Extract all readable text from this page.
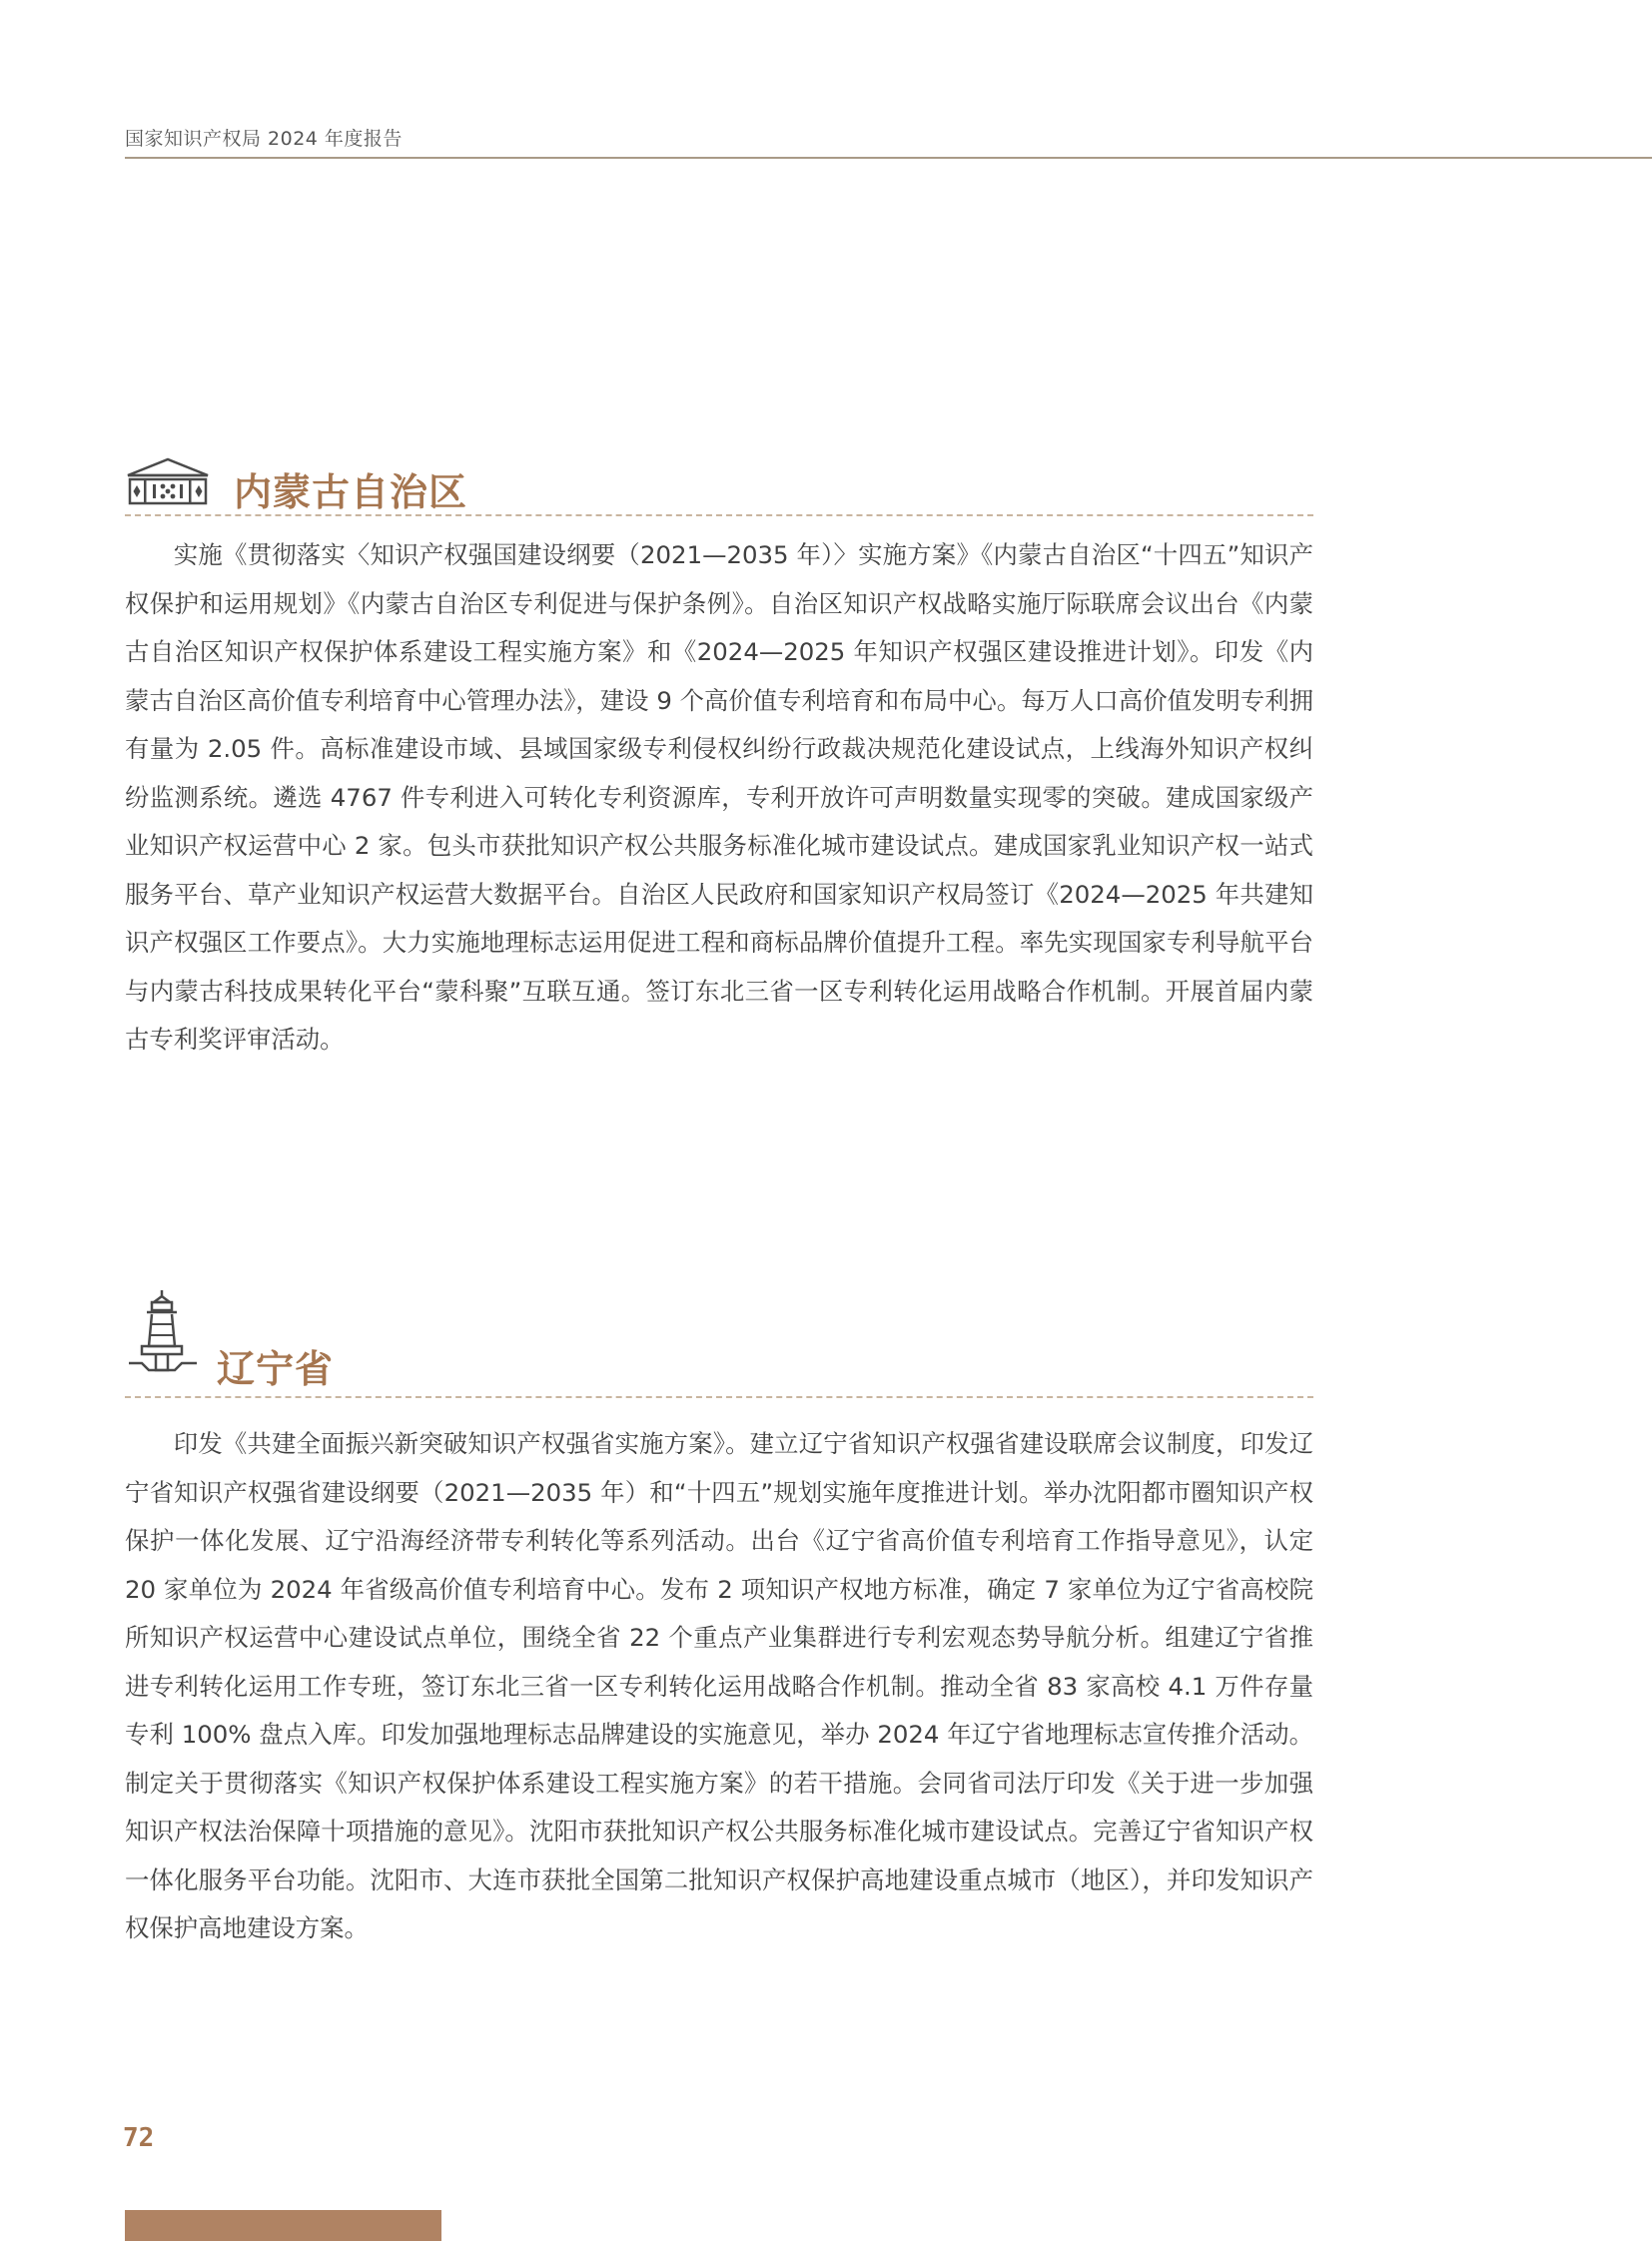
国家知识产权局 2024 年度报告
内蒙古自治区
实施《贯彻落实〈知识产权强国建设纲要（2021—2035 年）〉实施方案》《内蒙古自治区“十四五”知识产权保护和运用规划》《内蒙古自治区专利促进与保护条例》。自治区知识产权战略实施厅际联席会议出台《内蒙古自治区知识产权保护体系建设工程实施方案》和《2024—2025 年知识产权强区建设推进计划》。印发《内蒙古自治区高价值专利培育中心管理办法》，建设 9 个高价值专利培育和布局中心。每万人口高价值发明专利拥有量为 2.05 件。高标准建设市域、县域国家级专利侵权纠纷行政裁决规范化建设试点，上线海外知识产权纠纷监测系统。遴选 4767 件专利进入可转化专利资源库，专利开放许可声明数量实现零的突破。建成国家级产业知识产权运营中心 2 家。包头市获批知识产权公共服务标准化城市建设试点。建成国家乳业知识产权一站式服务平台、草产业知识产权运营大数据平台。自治区人民政府和国家知识产权局签订《2024—2025 年共建知识产权强区工作要点》。大力实施地理标志运用促进工程和商标品牌价值提升工程。率先实现国家专利导航平台与内蒙古科技成果转化平台“蒙科聚”互联互通。签订东北三省一区专利转化运用战略合作机制。开展首届内蒙古专利奖评审活动。
辽宁省
印发《共建全面振兴新突破知识产权强省实施方案》。建立辽宁省知识产权强省建设联席会议制度，印发辽宁省知识产权强省建设纲要（2021—2035 年）和“十四五”规划实施年度推进计划。举办沈阳都市圈知识产权保护一体化发展、辽宁沿海经济带专利转化等系列活动。出台《辽宁省高价值专利培育工作指导意见》，认定 20 家单位为 2024 年省级高价值专利培育中心。发布 2 项知识产权地方标准，确定 7 家单位为辽宁省高校院所知识产权运营中心建设试点单位，围绕全省 22 个重点产业集群进行专利宏观态势导航分析。组建辽宁省推进专利转化运用工作专班，签订东北三省一区专利转化运用战略合作机制。推动全省 83 家高校 4.1 万件存量专利 100% 盘点入库。印发加强地理标志品牌建设的实施意见，举办 2024 年辽宁省地理标志宣传推介活动。制定关于贯彻落实《知识产权保护体系建设工程实施方案》的若干措施。会同省司法厅印发《关于进一步加强知识产权法治保障十项措施的意见》。沈阳市获批知识产权公共服务标准化城市建设试点。完善辽宁省知识产权一体化服务平台功能。沈阳市、大连市获批全国第二批知识产权保护高地建设重点城市（地区），并印发知识产权保护高地建设方案。
72
